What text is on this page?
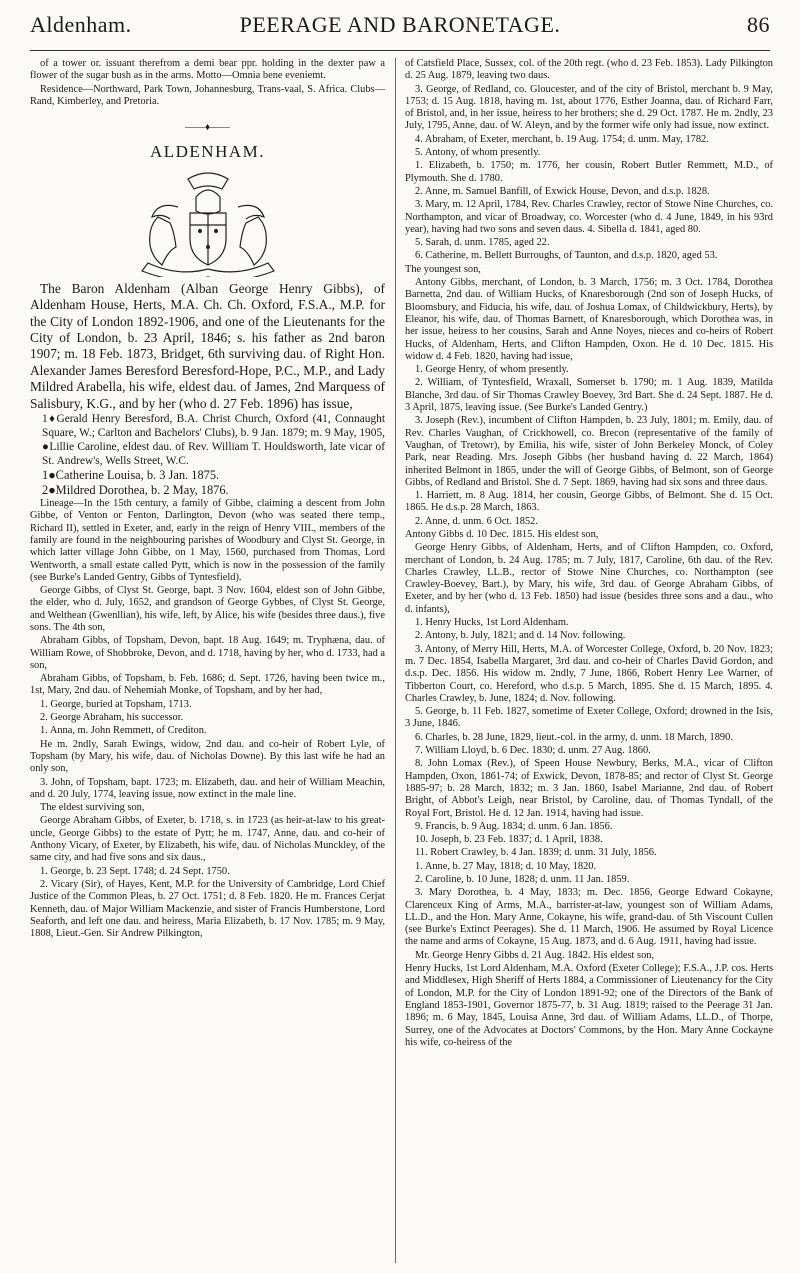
Aldenham.	PEERAGE AND BARONETAGE.	86

of a tower or. issuant therefrom a demi bear ppr. holding in the dexter paw a flower of the sugar bush as in the arms. Motto—Omnia bene eveniemt.

Residence—Northward, Park Town, Johannesburg, Trans-vaal, S. Africa. Clubs—Rand, Kimberley, and Pretoria.

——♦——
ALDENHAM.

The Baron Aldenham (Alban George Henry Gibbs), of Aldenham House, Herts, M.A. Ch. Ch. Oxford, F.S.A., M.P. for the City of London 1892-1906, and one of the Lieutenants for the City of London, b. 23 April, 1846; s. his father as 2nd baron 1907; m. 18 Feb. 1873, Bridget, 6th surviving dau. of Right Hon. Alexander James Beresford Beresford-Hope, P.C., M.P., and Lady Mildred Arabella, his wife, eldest dau. of James, 2nd Marquess of Salisbury, K.G., and by her (who d. 27 Feb. 1896) has issue,

1♦Gerald Henry Beresford, B.A. Christ Church, Oxford (41, Connaught Square, W.; Carlton and Bachelors' Clubs), b. 9 Jan. 1879; m. 9 May, 1905, ●Lillie Caroline, eldest dau. of Rev. William T. Houldsworth, late vicar of St. Andrew's, Wells Street, W.C.

1●Catherine Louisa, b. 3 Jan. 1875.

2●Mildred Dorothea, b. 2 May, 1876.

Lineage—In the 15th century, a family of Gibbe, claiming a descent from John Gibbe, of Venton or Fenton, Darlington, Devon (who was seated there temp., Richard II), settled in Exeter, and, early in the reign of Henry VIII., members of the family are found in the neighbouring parishes of Woodbury and Clyst St. George, in which latter village John Gibbe, on 1 May, 1560, purchased from Thomas, Lord Wentworth, a small estate called Pytt, which is now in the possession of the family (see Burke's Landed Gentry, Gibbs of Tyntesfield).

George Gibbs, of Clyst St. George, bapt. 3 Nov. 1604, eldest son of John Gibbe, the elder, who d. July, 1652, and grandson of George Gybbes, of Clyst St. George, and Welthean (Gwenllian), his wife, left, by Alice, his wife (besides three daus.), five sons. The 4th son,

Abraham Gibbs, of Topsham, Devon, bapt. 18 Aug. 1649; m. Tryphæna, dau. of William Rowe, of Shobbroke, Devon, and d. 1718, having by her, who d. 1733, had a son,

Abraham Gibbs, of Topsham, b. Feb. 1686; d. Sept. 1726, having been twice m., 1st, Mary, 2nd dau. of Nehemiah Monke, of Topsham, and by her had,

1. George, buried at Topsham, 1713.

2. George Abraham, his successor.

1. Anna, m. John Remmett, of Crediton.

He m. 2ndly, Sarah Ewings, widow, 2nd dau. and co-heir of Robert Lyle, of Topsham (by Mary, his wife, dau. of Nicholas Downe). By this last wife he had an only son,

3. John, of Topsham, bapt. 1723; m. Elizabeth, dau. and heir of William Meachin, and d. 20 July, 1774, leaving issue, now extinct in the male line.

The eldest surviving son,

George Abraham Gibbs, of Exeter, b. 1718, s. in 1723 (as heir-at-law to his great-uncle, George Gibbs) to the estate of Pytt; he m. 1747, Anne, dau. and co-heir of Anthony Vicary, of Exeter, by Elizabeth, his wife, dau. of Nicholas Munckley, of the same city, and had five sons and six daus.,

1. George, b. 23 Sept. 1748; d. 24 Sept. 1750.

2. Vicary (Sir), of Hayes, Kent, M.P. for the University of Cambridge, Lord Chief Justice of the Common Pleas, b. 27 Oct. 1751; d. 8 Feb. 1820. He m. Frances Cerjat Kenneth, dau. of Major William Mackenzie, and sister of Francis Humberstone, Lord Seaforth, and left one dau. and heiress, Maria Elizabeth, b. 17 Nov. 1785; m. 9 May, 1808, Lieut.-Gen. Sir Andrew Pilkington,

of Catsfield Place, Sussex, col. of the 20th regt. (who d. 23 Feb. 1853). Lady Pilkington d. 25 Aug. 1879, leaving two daus.

3. George, of Redland, co. Gloucester, and of the city of Bristol, merchant b. 9 May, 1753; d. 15 Aug. 1818, having m. 1st, about 1776, Esther Joanna, dau. of Richard Farr, of Bristol, and, in her issue, heiress to her brothers; she d. 29 Oct. 1787. He m. 2ndly, 23 July, 1795, Anne, dau. of W. Aleyn, and by the former wife only had issue, now extinct.

4. Abraham, of Exeter, merchant, b. 19 Aug. 1754; d. unm. May, 1782.

5. Antony, of whom presently.

1. Elizabeth, b. 1750; m. 1776, her cousin, Robert Butler Remmett, M.D., of Plymouth. She d. 1780.

2. Anne, m. Samuel Banfill, of Exwick House, Devon, and d.s.p. 1828.

3. Mary, m. 12 April, 1784, Rev. Charles Crawley, rector of Stowe Nine Churches, co. Northampton, and vicar of Broadway, co. Worcester (who d. 4 June, 1849, in his 93rd year), having had two sons and seven daus. 4. Sibella d. 1841, aged 80.

5. Sarah, d. unm. 1785, aged 22.

6. Catherine, m. Bellett Burroughs, of Taunton, and d.s.p. 1820, aged 53.

The youngest son,

Antony Gibbs, merchant, of London, b. 3 March, 1756; m. 3 Oct. 1784, Dorothea Barnetta, 2nd dau. of William Hucks, of Knaresborough (2nd son of Joseph Hucks, of Bloomsbury, and Fiducia, his wife, dau. of Joshua Lomax, of Childwickbury, Herts), by Eleanor, his wife, dau. of Thomas Barnett, of Knaresborough, which Dorothea was, in her issue, heiress to her cousins, Sarah and Anne Noyes, nieces and co-heirs of Robert Hucks, of Aldenham, Herts, and Clifton Hampden, Oxon. He d. 10 Dec. 1815. His widow d. 4 Feb. 1820, having had issue,

1. George Henry, of whom presently.

2. William, of Tyntesfield, Wraxall, Somerset b. 1790; m. 1 Aug. 1839, Matilda Blanche, 3rd dau. of Sir Thomas Crawley Boevey, 3rd Bart. She d. 24 Sept. 1887. He d. 3 April, 1875, leaving issue. (See Burke's Landed Gentry.)

3. Joseph (Rev.), incumbent of Clifton Hampden, b. 23 July, 1801; m. Emily, dau. of Rev. Charles Vaughan, of Crickhowell, co. Brecon (representative of the family of Vaughan, of Tretowr), by Emilia, his wife, sister of John Berkeley Monck, of Coley Park, near Reading. Mrs. Joseph Gibbs (her husband having d. 22 March, 1864) inherited Belmont in 1865, under the will of George Gibbs, of Belmont, son of George Gibbs, of Redland and Bristol. She d. 7 Sept. 1869, having had six sons and three daus.

1. Harriett, m. 8 Aug. 1814, her cousin, George Gibbs, of Belmont. She d. 15 Oct. 1865. He d.s.p. 28 March, 1863.

2. Anne, d. unm. 6 Oct. 1852.

Antony Gibbs d. 10 Dec. 1815. His eldest son,

George Henry Gibbs, of Aldenham, Herts, and of Clifton Hampden, co. Oxford, merchant of London, b. 24 Aug. 1785; m. 7 July, 1817, Caroline, 6th dau. of the Rev. Charles Crawley, LL.B., rector of Stowe Nine Churches, co. Northampton (see Crawley-Boevey, Bart.), by Mary, his wife, 3rd dau. of George Abraham Gibbs, of Exeter, and by her (who d. 13 Feb. 1850) had issue (besides three sons and a dau., who d. infants),

1. Henry Hucks, 1st Lord Aldenham.

2. Antony, b. July, 1821; and d. 14 Nov. following.

3. Antony, of Merry Hill, Herts, M.A. of Worcester College, Oxford, b. 20 Nov. 1823; m. 7 Dec. 1854, Isabella Margaret, 3rd dau. and co-heir of Charles David Gordon, and d.s.p. Dec. 1856. His widow m. 2ndly, 7 June, 1866, Robert Henry Lee Warner, of Tibberton Court, co. Hereford, who d.s.p. 5 March, 1895. She d. 15 March, 1895. 4. Charles Crawley, b. June, 1824; d. Nov. following.

5. George, b. 11 Feb. 1827, sometime of Exeter College, Oxford; drowned in the Isis, 3 June, 1846.

6. Charles, b. 28 June, 1829, lieut.-col. in the army, d. unm. 18 March, 1890.

7. William Lloyd, b. 6 Dec. 1830; d. unm. 27 Aug. 1860.

8. John Lomax (Rev.), of Speen House Newbury, Berks, M.A., vicar of Clifton Hampden, Oxon, 1861-74; of Exwick, Devon, 1878-85; and rector of Clyst St. George 1885-97; b. 28 March, 1832; m. 3 Jan. 1860, Isabel Marianne, 2nd dau. of Robert Bright, of Abbot's Leigh, near Bristol, by Caroline, dau. of Thomas Tyndall, of the Royal Fort, Bristol. He d. 12 Jan. 1914, having had issue.

9. Francis, b. 9 Aug. 1834; d. unm. 6 Jan. 1856.

10. Joseph, b. 23 Feb. 1837; d. 1 April, 1838.

11. Robert Crawley, b. 4 Jan. 1839; d. unm. 31 July, 1856.

1. Anne, b. 27 May, 1818; d. 10 May, 1820.

2. Caroline, b. 10 June, 1828; d. unm. 11 Jan. 1859.

3. Mary Dorothea, b. 4 May, 1833; m. Dec. 1856, George Edward Cokayne, Clarenceux King of Arms, M.A., barrister-at-law, youngest son of William Adams, LL.D., and the Hon. Mary Anne, Cokayne, his wife, grand-dau. of 5th Viscount Cullen (see Burke's Extinct Peerages). She d. 11 March, 1906. He assumed by Royal Licence the name and arms of Cokayne, 15 Aug. 1873, and d. 6 Aug. 1911, having had issue.

Mr. George Henry Gibbs d. 21 Aug. 1842. His eldest son,

Henry Hucks, 1st Lord Aldenham, M.A. Oxford (Exeter College); F.S.A., J.P. cos. Herts and Middlesex, High Sheriff of Herts 1884, a Commissioner of Lieutenancy for the City of London, M.P. for the City of London 1891-92; one of the Directors of the Bank of England 1853-1901, Governor 1875-77, b. 31 Aug. 1819; raised to the Peerage 31 Jan. 1896; m. 6 May, 1845, Louisa Anne, 3rd dau. of William Adams, LL.D., of Thorpe, Surrey, one of the Advocates at Doctors' Commons, by the Hon. Mary Anne Cockayne his wife, co-heiress of the
